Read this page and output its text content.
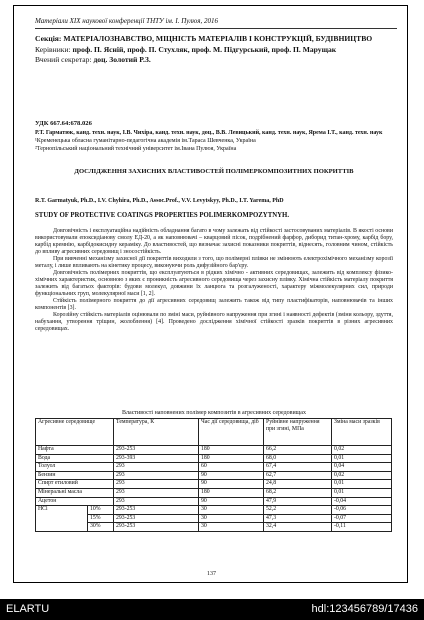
Матеріали XIX наукової конференції ТНТУ ім. І. Пулюя, 2016
Секція: МАТЕРІАЛОЗНАВСТВО, МІЦНІСТЬ МАТЕРІАЛІВ І КОНСТРУКЦІЙ, БУДІВНИЦТВО
Керівники: проф. П. Ясній, проф. П. Стухляк, проф. М. Підгурський, проф. П. Марущак
Вчений секретар: доц. Золотий Р.З.
УДК 667.64:678.026
Р.Т. Гарматюк, канд. техн. наук, І.В. Чихіра, канд. техн. наук, доц., В.В. Левицький, канд. техн. наук, Ярема І.Т., канд. техн. наук
¹Кременецька обласна гуманітарно-педагогічна академія ім.Тараса Шевченка, Україна
²Тернопільський національний технічний університет ім.Івана Пулюя, Україна
ДОСЛІДЖЕННЯ ЗАХИСНИХ ВЛАСТИВОСТЕЙ ПОЛІМЕРКОМПОЗИТНИХ ПОКРИТТІВ
R.T. Garmatyuk, Ph.D., I.V. Chyhira, Ph.D., Assoc.Prof., V.V. Levytskyy, Ph.D., I.T. Yarema, PhD
STUDY OF PROTECTIVE COATINGS PROPERTIES POLIMERKOMPOZYTNYH.

Довговічність і експлуатаційна надійність обладнання багато в чому залежать від стійкості застосовуваних матеріалів. В якості основи використовували епоксидіанову смолу ЕД-20, а як наповнювачі – кварцовий пісок, подрібнений фарфор, диборид титан-хрому, карбід бору, карбід кремнію, карбідокисидну кераміку. До властивостей, що визначає захисні показники покриттів, віднесять, головним чином, стійкість до впливу агресивних середовищ і зносостійкість.

При вивченні механізму захисної дії покриттів виходили з того, що полімерні плівки не змінюють електрохімічного механізму корозії металу, і лише впливають на кінетику процесу, виконуючи роль дифузійного бар'єру.

Довговічність полімерних покриттів, що експлуатуються в рідких хімічно - активних середовищах, залежить від комплексу фізико-хімічних характеристик, основною з яких є проникність агресивного середовища через захисну плівку. Хімічна стійкість матеріалу покриття залежить від багатьох факторів: будови молекул, довжини їх ланцюга та розгалуженості, характеру міжмолекулярних сил, природи функціональних груп, молекулярної маси [1, 2].

Стійкість полімерного покриття до дії агресивних середовищ залежить також від типу пластифікаторів, наповнювачів та інших компонентів [3].

Корозійну стійкість матеріалів оцінювали по зміні маси, руйнівного напруження при згині і наявності дефектів (зміни кольору, здуття, набухання, утворення тріщин, жолоблення) [4]. Проведено дослідження хімічної стійкості зразків покриттів в різних агресивних середовищах.

Властивості наповнених полімер композитів в агресивних середовищах
Агресивне середовище		Температура, К	Час дії середовища, діб	Руйнівне напруження при згині, МПа	Зміна маси зразків
Нафта		293-253	180	66,2	0,02
Вода		293-393	180	68,0	0,01
Толуол		293	60	67,4	0,04
Бензин		293	90	62,7	0,02
Спирт етиловий		293	90	24,8	0,01
Мінеральні масла		293	180	68,2	0,01
Ацетон		293	90	47,9	-0,04
HCl	10%	293-253	30	52,2	-0,06
	15%	293-253	30	47,3	-0,07
	30%	293-253	30	32,4	-0,11
137
ELARTU	hdl:123456789/17436
